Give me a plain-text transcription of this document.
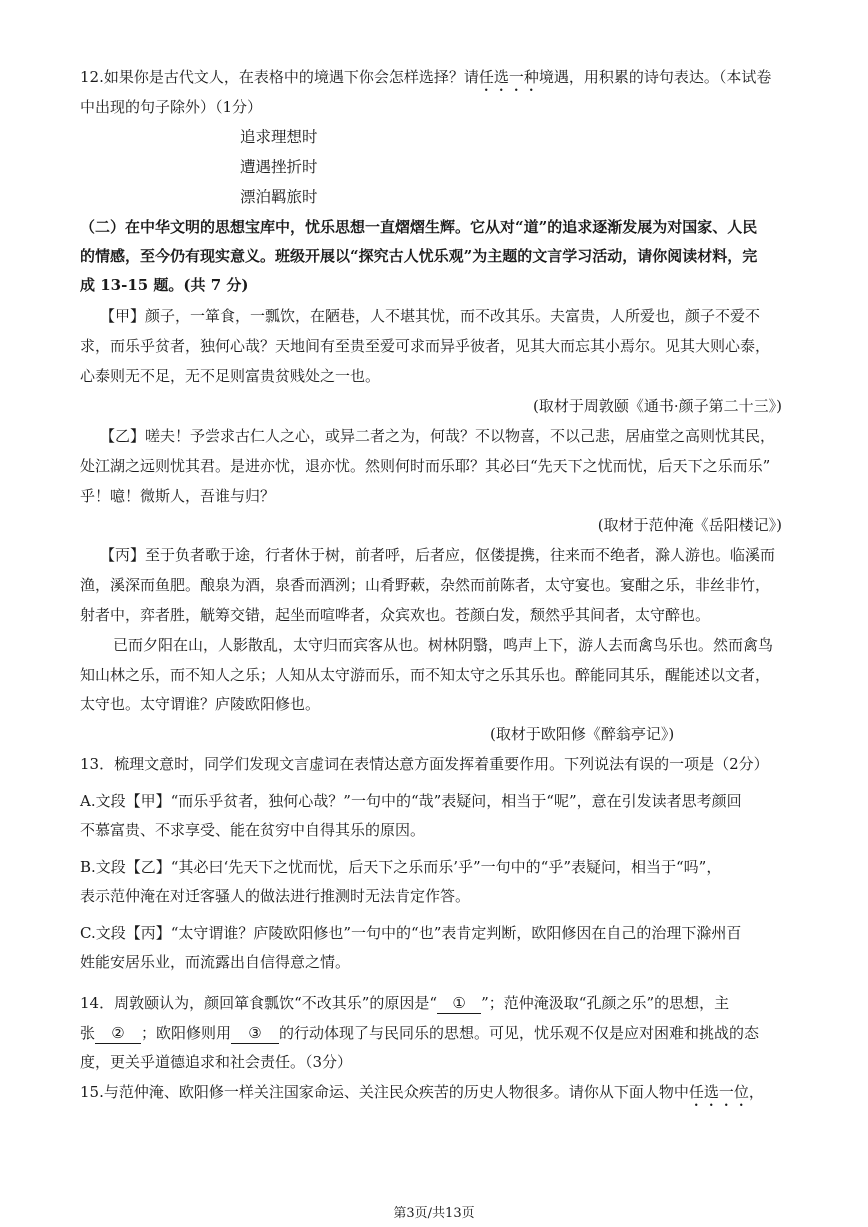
12.如果你是古代文人，在表格中的境遇下你会怎样选择？请任选一种境遇，用积累的诗句表达。（本试卷
中出现的句子除外）（1分）
追求理想时
遭遇挫折时
漂泊羁旅时
（二）在中华文明的思想宝库中，忧乐思想一直熠熠生辉。它从对“道”的追求逐渐发展为对国家、人民
的情感，至今仍有现实意义。班级开展以“探究古人忧乐观”为主题的文言学习活动，请你阅读材料，完
成 13-15 题。(共 7 分)
【甲】颜子，一箪食，一瓢饮，在陋巷，人不堪其忧，而不改其乐。夫富贵，人所爱也，颜子不爱不
求，而乐乎贫者，独何心哉？天地间有至贵至爱可求而异乎彼者，见其大而忘其小焉尔。见其大则心泰，
心泰则无不足，无不足则富贵贫贱处之一也。
(取材于周敦颐《通书·颜子第二十三》)
【乙】嗟夫！予尝求古仁人之心，或异二者之为，何哉？不以物喜，不以己悲，居庙堂之高则忧其民，
处江湖之远则忧其君。是进亦忧，退亦忧。然则何时而乐耶？其必曰“先天下之忧而忧，后天下之乐而乐”
乎！噫！微斯人，吾谁与归？
(取材于范仲淹《岳阳楼记》)
【丙】至于负者歌于途，行者休于树，前者呼，后者应，伛偻提携，往来而不绝者，滁人游也。临溪而
渔，溪深而鱼肥。酿泉为酒，泉香而酒洌；山肴野蔌，杂然而前陈者，太守宴也。宴酣之乐，非丝非竹，
射者中，弈者胜，觥筹交错，起坐而喧哗者，众宾欢也。苍颜白发，颓然乎其间者，太守醉也。
已而夕阳在山，人影散乱，太守归而宾客从也。树林阴翳，鸣声上下，游人去而禽鸟乐也。然而禽鸟
知山林之乐，而不知人之乐；人知从太守游而乐，而不知太守之乐其乐也。醉能同其乐，醒能述以文者，
太守也。太守谓谁？庐陵欧阳修也。
(取材于欧阳修《醉翁亭记》)
13．梳理文意时，同学们发现文言虚词在表情达意方面发挥着重要作用。下列说法有误的一项是（2分）
A.文段【甲】“而乐乎贫者，独何心哉？”一句中的“哉”表疑问，相当于“呢”，意在引发读者思考颜回
不慕富贵、不求享受、能在贫穷中自得其乐的原因。
B.文段【乙】“其必曰‘先天下之忧而忧，后天下之乐而乐’乎”一句中的“乎”表疑问，相当于“吗”，
表示范仲淹在对迁客骚人的做法进行推测时无法肯定作答。
C.文段【丙】“太守谓谁？庐陵欧阳修也”一句中的“也”表肯定判断，欧阳修因在自己的治理下滁州百
姓能安居乐业，而流露出自信得意之情。
14．周敦颐认为，颜回箪食瓢饮“不改其乐”的原因是“ ① ”；范仲淹汲取“孔颜之乐”的思想，主
张 ② ；欧阳修则用 ③ 的行动体现了与民同乐的思想。可见，忧乐观不仅是应对困难和挑战的态
度，更关乎道德追求和社会责任。（3分）
15.与范仲淹、欧阳修一样关注国家命运、关注民众疾苦的历史人物很多。请你从下面人物中任选一位，
第3页/共13页
